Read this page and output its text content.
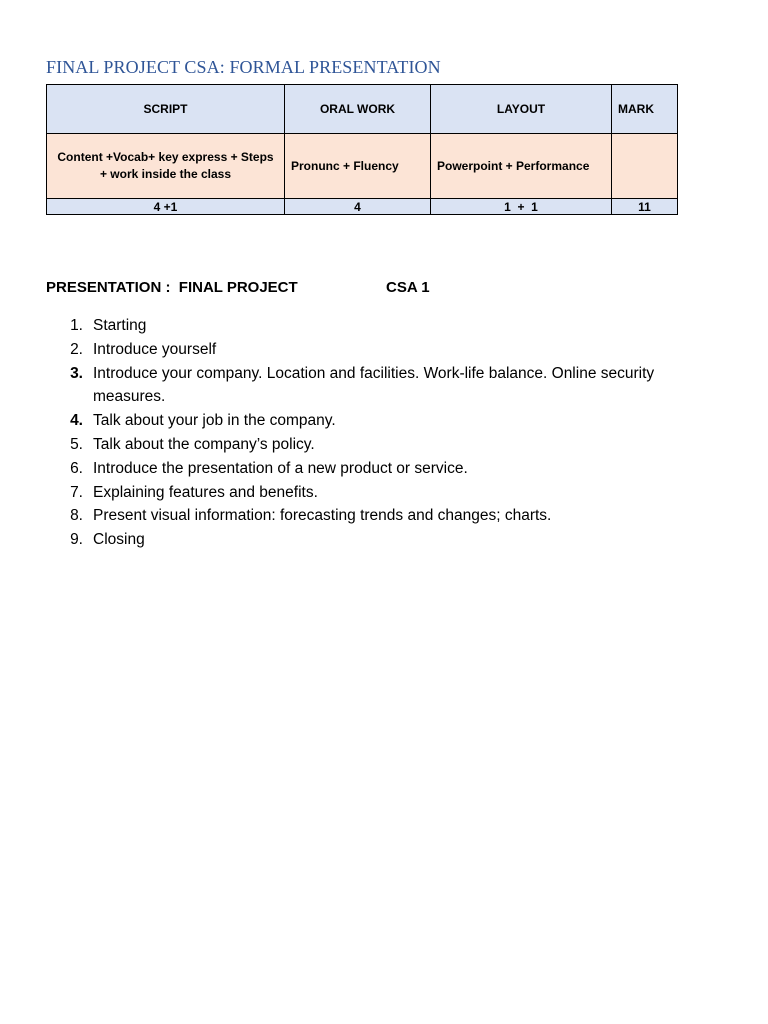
FINAL PROJECT CSA: FORMAL PRESENTATION
SCRIPT	ORAL WORK	LAYOUT	MARK
Content +Vocab+ key express + Steps + work inside the class	Pronunc + Fluency	Powerpoint + Performance	
4 +1	4	1  +  1	11
PRESENTATION :  FINAL PROJECT	CSA 1
1. Starting
2. Introduce yourself
3. Introduce your company. Location and facilities. Work-life balance. Online security measures.
4. Talk about your job in the company.
5. Talk about the company’s policy.
6. Introduce the presentation of a new product or service.
7. Explaining features and benefits.
8. Present visual information: forecasting trends and changes; charts.
9. Closing
